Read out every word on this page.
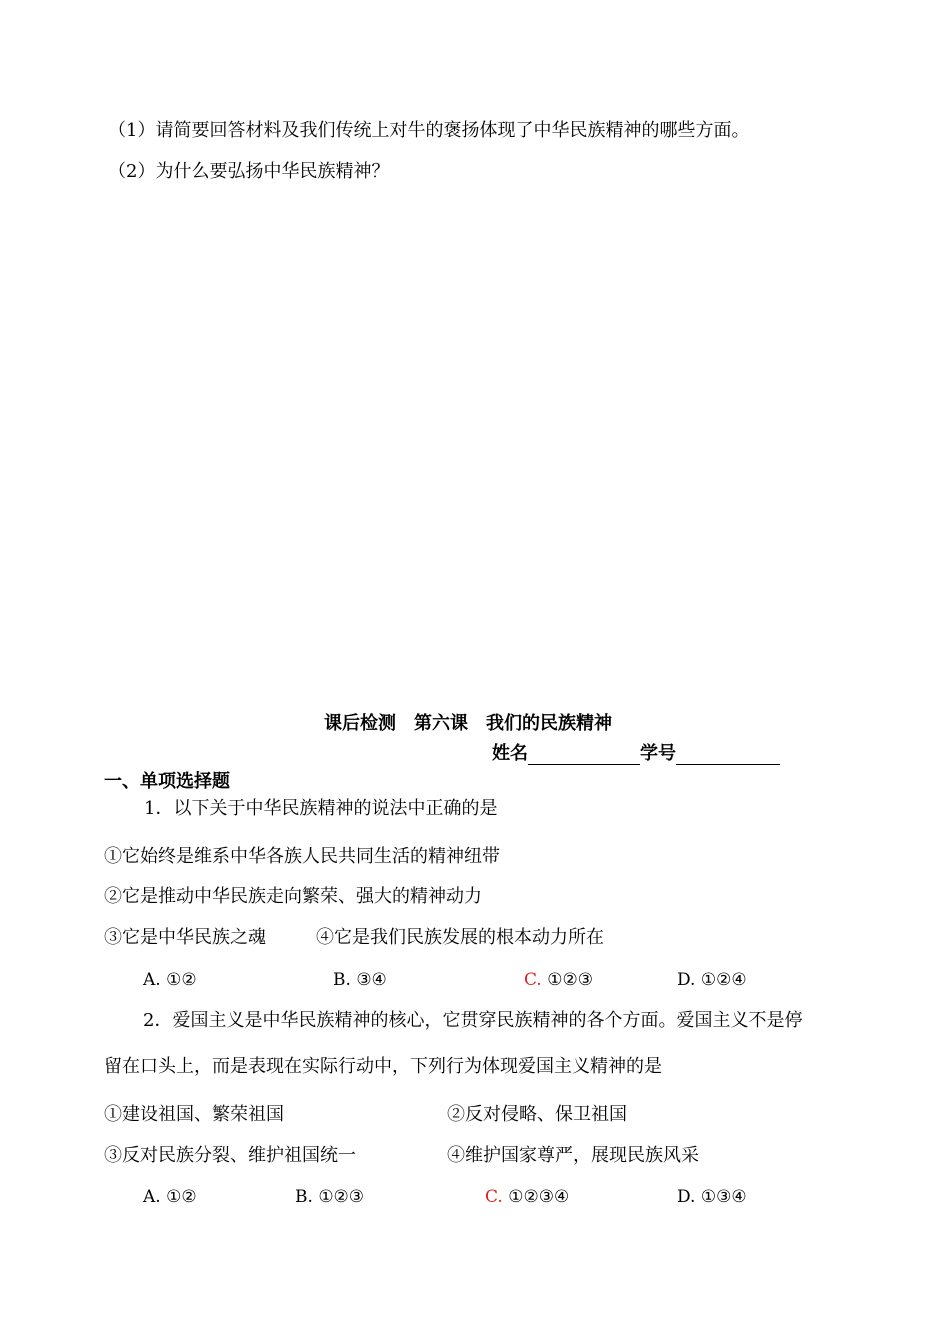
（1）请简要回答材料及我们传统上对牛的褒扬体现了中华民族精神的哪些方面。
（2）为什么要弘扬中华民族精神？
课后检测　第六课　我们的民族精神
姓名	学号
一、单项选择题
1．以下关于中华民族精神的说法中正确的是
①它始终是维系中华各族人民共同生活的精神纽带
②它是推动中华民族走向繁荣、强大的精神动力
③它是中华民族之魂	④它是我们民族发展的根本动力所在
A. ①②	B. ③④	C. ①②③	D. ①②④
2．爱国主义是中华民族精神的核心，它贯穿民族精神的各个方面。爱国主义不是停
留在口头上，而是表现在实际行动中，下列行为体现爱国主义精神的是
①建设祖国、繁荣祖国	②反对侵略、保卫祖国
③反对民族分裂、维护祖国统一	④维护国家尊严，展现民族风采
A. ①②	B. ①②③	C. ①②③④	D. ①③④
